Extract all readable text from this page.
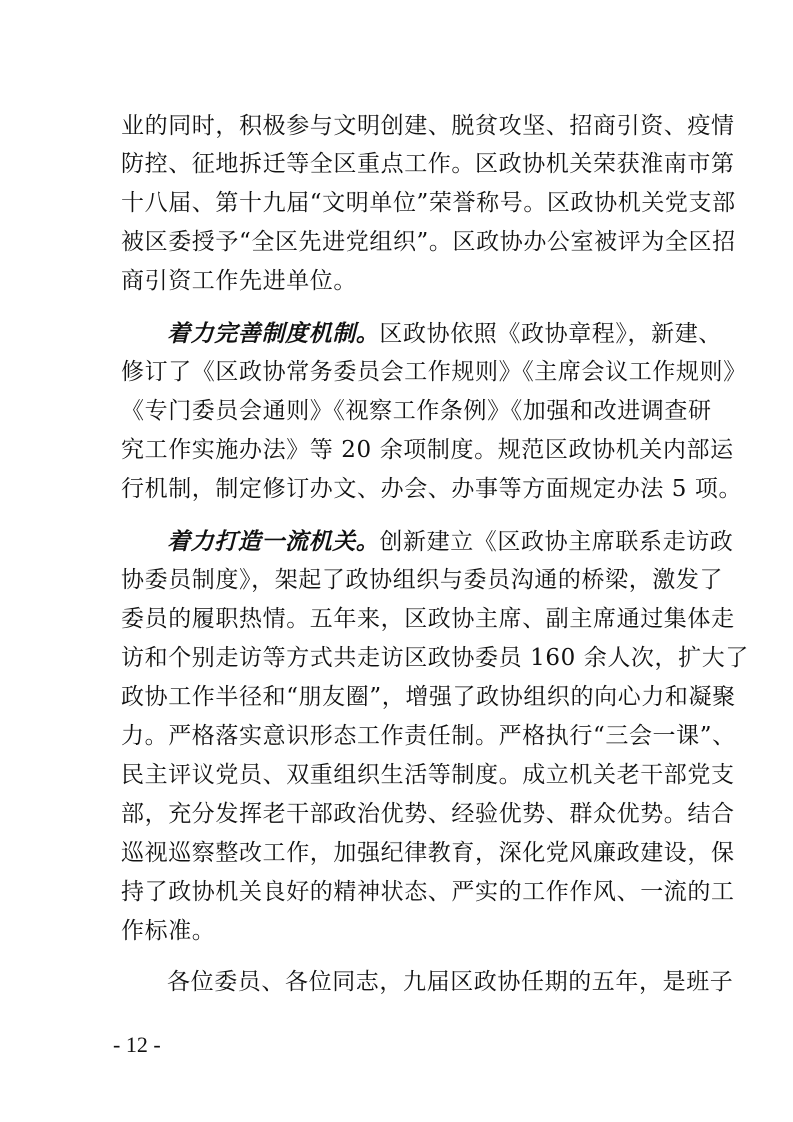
业的同时，积极参与文明创建、脱贫攻坚、招商引资、疫情
防控、征地拆迁等全区重点工作。区政协机关荣获淮南市第
十八届、第十九届“文明单位”荣誉称号。区政协机关党支部
被区委授予“全区先进党组织”。区政协办公室被评为全区招
商引资工作先进单位。
着力完善制度机制。区政协依照《政协章程》，新建、
修订了《区政协常务委员会工作规则》《主席会议工作规则》
《专门委员会通则》《视察工作条例》《加强和改进调查研
究工作实施办法》等 20 余项制度。规范区政协机关内部运
行机制，制定修订办文、办会、办事等方面规定办法 5 项。
着力打造一流机关。创新建立《区政协主席联系走访政
协委员制度》，架起了政协组织与委员沟通的桥梁，激发了
委员的履职热情。五年来，区政协主席、副主席通过集体走
访和个别走访等方式共走访区政协委员 160 余人次，扩大了
政协工作半径和“朋友圈”，增强了政协组织的向心力和凝聚
力。严格落实意识形态工作责任制。严格执行“三会一课”、
民主评议党员、双重组织生活等制度。成立机关老干部党支
部，充分发挥老干部政治优势、经验优势、群众优势。结合
巡视巡察整改工作，加强纪律教育，深化党风廉政建设，保
持了政协机关良好的精神状态、严实的工作作风、一流的工
作标准。
各位委员、各位同志，九届区政协任期的五年，是班子
- 12 -
